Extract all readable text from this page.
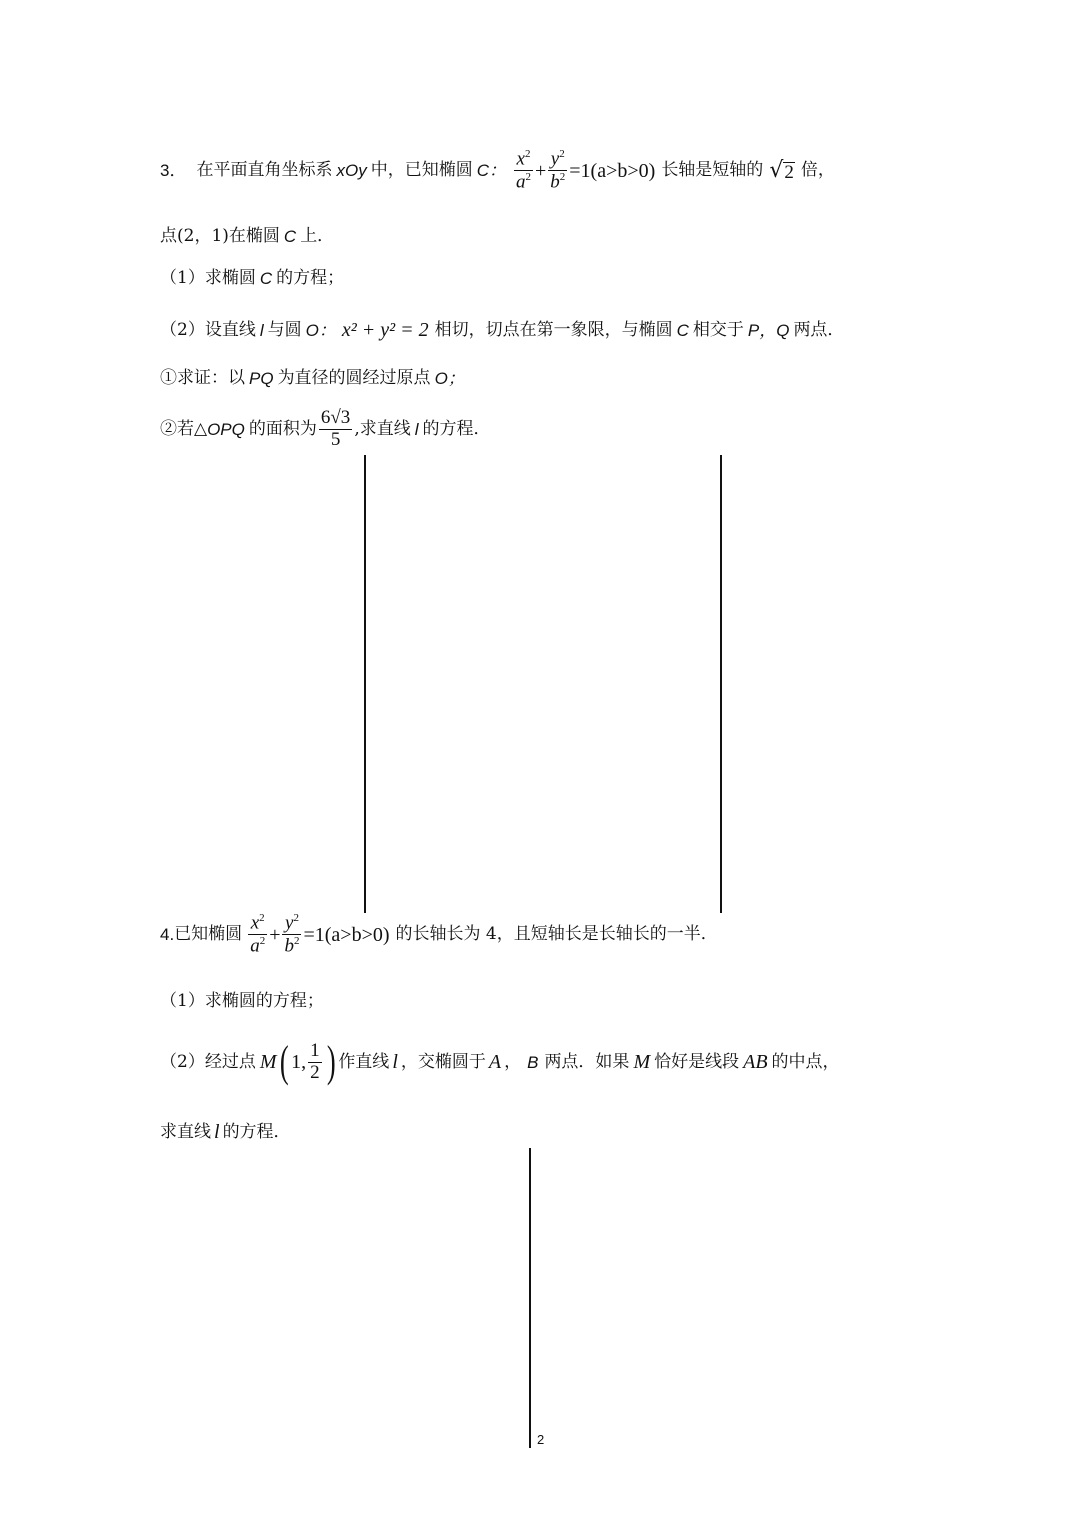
3． 在平面直角坐标系 xOy 中，已知椭圆 C： $\frac{x^2}{a^2} + \frac{y^2}{b^2} =1(a>b>0)$ 长轴是短轴的 √ 2 倍，
点(2，1)在椭圆 C 上．
（1）求椭圆 C 的方程；
（2）设直线 l 与圆 O： x² + y² = 2 相切，切点在第一象限，与椭圆 C 相交于 P，Q 两点．
①求证：以 PQ 为直径的圆经过原点 O；
②若△ OPQ 的面积为 $\frac{6√3}{5}$ ,求直线 l 的方程．
4. 已知椭圆 $\frac{x^2}{a^2} + \frac{y^2}{b^2} =1(a>b>0)$ 的长轴长为 4，且短轴长是长轴长的一半．
（1）求椭圆的方程；
（2）经过点 M ( 1, $\frac{1}{2}$ ) 作直线 l ，交椭圆于 A ， B 两点．如果 M 恰好是线段 AB 的中点，
求直线 l 的方程．
2
